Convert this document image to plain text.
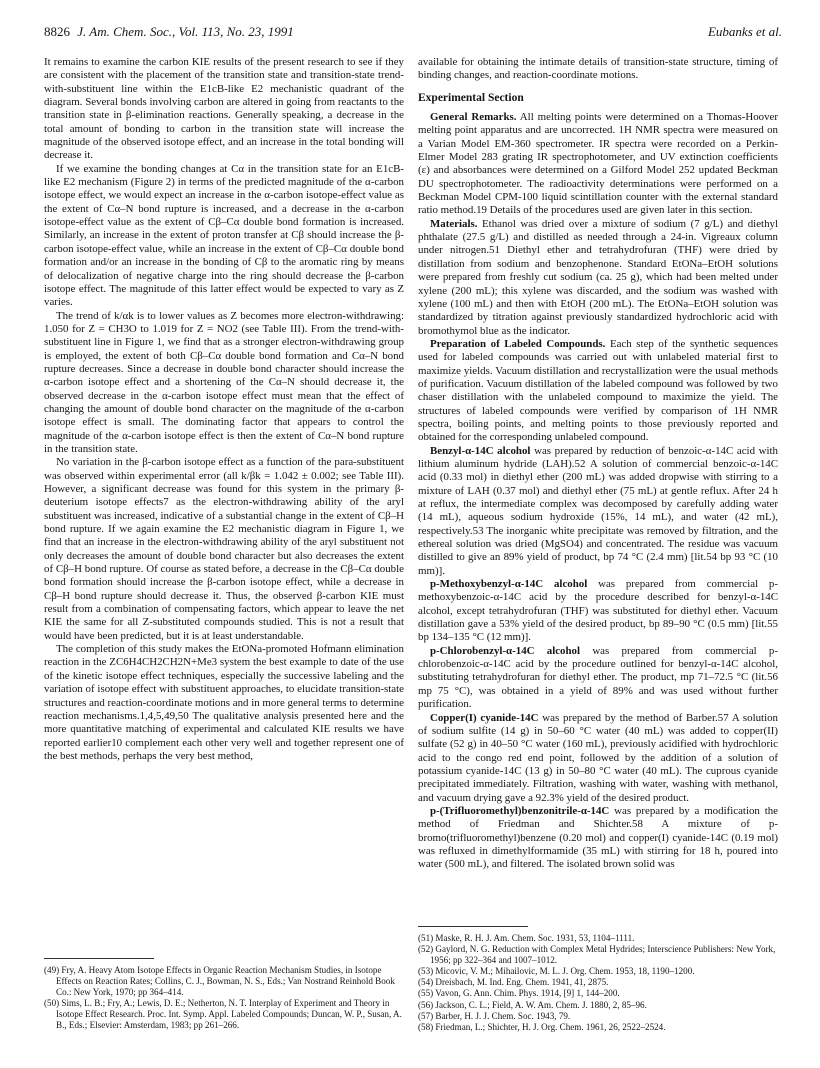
8826 J. Am. Chem. Soc., Vol. 113, No. 23, 1991	Eubanks et al.

It remains to examine the carbon KIE results of the present research to see if they are consistent with the placement of the transition state and transition-state trend-with-substituent line within the E1cB-like E2 mechanistic quadrant of the diagram. Several bonds involving carbon are altered in going from reactants to the transition state in β-elimination reactions. Generally speaking, a decrease in the total amount of bonding to carbon in the transition state will increase the magnitude of the observed isotope effect, and an increase in the total bonding will decrease it.

If we examine the bonding changes at Cα in the transition state for an E1cB-like E2 mechanism (Figure 2) in terms of the predicted magnitude of the α-carbon isotope effect, we would expect an increase in the α-carbon isotope-effect value as the extent of Cα–N bond rupture is increased, and a decrease in the α-carbon isotope-effect value as the extent of Cβ–Cα double bond formation is increased. Similarly, an increase in the extent of proton transfer at Cβ should increase the β-carbon isotope-effect value, while an increase in the extent of Cβ–Cα double bond formation and/or an increase in the bonding of Cβ to the aromatic ring by means of delocalization of negative charge into the ring should decrease the β-carbon isotope effect. The magnitude of this latter effect would be expected to vary as Z varies.

The trend of k/αk is to lower values as Z becomes more electron-withdrawing: 1.050 for Z = CH3O to 1.019 for Z = NO2 (see Table III). From the trend-with-substituent line in Figure 1, we find that as a stronger electron-withdrawing group is employed, the extent of both Cβ–Cα double bond formation and Cα–N bond rupture decreases. Since a decrease in double bond character should increase the α-carbon isotope effect and a shortening of the Cα–N should decrease it, the observed decrease in the α-carbon isotope effect must mean that the effect of changing the amount of double bond character on the magnitude of the α-carbon isotope effect is small. The dominating factor that appears to control the magnitude of the α-carbon isotope effect is then the extent of Cα–N bond rupture in the transition state.

No variation in the β-carbon isotope effect as a function of the para-substituent was observed within experimental error (all k/βk = 1.042 ± 0.002; see Table III). However, a significant decrease was found for this system in the primary β-deuterium isotope effects7 as the electron-withdrawing ability of the aryl substituent was increased, indicative of a substantial change in the extent of Cβ–H bond rupture. If we again examine the E2 mechanistic diagram in Figure 1, we find that an increase in the electron-withdrawing ability of the aryl substituent not only decreases the amount of double bond character but also decreases the extent of Cβ–H bond rupture. Of course as stated before, a decrease in the Cβ–Cα double bond formation should increase the β-carbon isotope effect, while a decrease in Cβ–H bond rupture should decrease it. Thus, the observed β-carbon KIE must result from a combination of compensating factors, which appear to leave the net KIE the same for all Z-substituted compounds studied. This is not a result that would have been predicted, but it is at least understandable.

The completion of this study makes the EtONa-promoted Hofmann elimination reaction in the ZC6H4CH2CH2N+Me3 system the best example to date of the use of the kinetic isotope effect techniques, especially the successive labeling and the variation of isotope effect with substituent approaches, to elucidate transition-state structures and reaction-coordinate motions and in more general terms to determine reaction mechanisms.1,4,5,49,50 The qualitative analysis presented here and the more quantitative matching of experimental and calculated KIE results we have reported earlier10 complement each other very well and together represent one of the best methods, perhaps the very best method,

available for obtaining the intimate details of transition-state structure, timing of binding changes, and reaction-coordinate motions.

Experimental Section

General Remarks. All melting points were determined on a Thomas-Hoover melting point apparatus and are uncorrected. 1H NMR spectra were measured on a Varian Model EM-360 spectrometer. IR spectra were recorded on a Perkin-Elmer Model 283 grating IR spectrophotometer, and UV extinction coefficients (ε) and absorbances were determined on a Gilford Model 252 updated Beckman DU spectrophotometer. The radioactivity determinations were performed on a Beckman Model CPM-100 liquid scintillation counter with the external standard ratio method.19 Details of the procedures used are given later in this section.

Materials. Ethanol was dried over a mixture of sodium (7 g/L) and diethyl phthalate (27.5 g/L) and distilled as needed through a 24-in. Vigreaux column under nitrogen.51 Diethyl ether and tetrahydrofuran (THF) were dried by distillation from sodium and benzophenone. Standard EtONa–EtOH solutions were prepared from freshly cut sodium (ca. 25 g), which had been melted under xylene (200 mL); this xylene was discarded, and the sodium was washed with xylene (100 mL) and then with EtOH (200 mL). The EtONa–EtOH solution was standardized by titration against previously standardized hydrochloric acid with bromothymol blue as the indicator.

Preparation of Labeled Compounds. Each step of the synthetic sequences used for labeled compounds was carried out with unlabeled material first to maximize yields. Vacuum distillation and recrystallization were the usual methods of purification. Vacuum distillation of the labeled compound was followed by two chaser distillation with the unlabeled compound to maximize the yield. The structures of labeled compounds were verified by comparison of 1H NMR spectra, boiling points, and melting points to those previously reported and obtained for the corresponding unlabeled compound.

Benzyl-α-14C alcohol was prepared by reduction of benzoic-α-14C acid with lithium aluminum hydride (LAH).52 A solution of commercial benzoic-α-14C acid (0.33 mol) in diethyl ether (200 mL) was added dropwise with stirring to a mixture of LAH (0.37 mol) and diethyl ether (75 mL) at gentle reflux. After 24 h at reflux, the intermediate complex was decomposed by carefully adding water (14 mL), aqueous sodium hydroxide (15%, 14 mL), and water (42 mL), respectively.53 The inorganic white precipitate was removed by filtration, and the ethereal solution was dried (MgSO4) and concentrated. The residue was vacuum distilled to give an 89% yield of product, bp 74 °C (2.4 mm) [lit.54 bp 93 °C (10 mm)].

p-Methoxybenzyl-α-14C alcohol was prepared from commercial p-methoxybenzoic-α-14C acid by the procedure described for benzyl-α-14C alcohol, except tetrahydrofuran (THF) was substituted for diethyl ether. Vacuum distillation gave a 53% yield of the desired product, bp 89–90 °C (0.5 mm) [lit.55 bp 134–135 °C (12 mm)].

p-Chlorobenzyl-α-14C alcohol was prepared from commercial p-chlorobenzoic-α-14C acid by the procedure outlined for benzyl-α-14C alcohol, substituting tetrahydrofuran for diethyl ether. The product, mp 71–72.5 °C (lit.56 mp 75 °C), was obtained in a yield of 89% and was used without further purification.

Copper(I) cyanide-14C was prepared by the method of Barber.57 A solution of sodium sulfite (14 g) in 50–60 °C water (40 mL) was added to copper(II) sulfate (52 g) in 40–50 °C water (160 mL), previously acidified with hydrochloric acid to the congo red end point, followed by the addition of a solution of potassium cyanide-14C (13 g) in 50–80 °C water (40 mL). The cuprous cyanide precipitated immediately. Filtration, washing with water, washing with methanol, and vacuum drying gave a 92.3% yield of the desired product.

p-(Trifluoromethyl)benzonitrile-α-14C was prepared by a modification the method of Friedman and Shichter.58 A mixture of p-bromo(trifluoromethyl)benzene (0.20 mol) and copper(I) cyanide-14C (0.19 mol) was refluxed in dimethylformamide (35 mL) with stirring for 18 h, poured into water (500 mL), and filtered. The isolated brown solid was

(49) Fry, A. Heavy Atom Isotope Effects in Organic Reaction Mechanism Studies, in Isotope Effects on Reaction Rates; Collins, C. J., Bowman, N. S., Eds.; Van Nostrand Reinhold Book Co.: New York, 1970; pp 364–414.

(50) Sims, L. B.; Fry, A.; Lewis, D. E.; Netherton, N. T. Interplay of Experiment and Theory in Isotope Effect Research. Proc. Int. Symp. Appl. Labeled Compounds; Duncan, W. P., Susan, A. B., Eds.; Elsevier: Amsterdam, 1983; pp 261–266.

(51) Maske, R. H. J. Am. Chem. Soc. 1931, 53, 1104–1111.

(52) Gaylord, N. G. Reduction with Complex Metal Hydrides; Interscience Publishers: New York, 1956; pp 322–364 and 1007–1012.

(53) Micovic, V. M.; Mihailovic, M. L. J. Org. Chem. 1953, 18, 1190–1200.

(54) Dreisbach, M. Ind. Eng. Chem. 1941, 41, 2875.

(55) Vavon, G. Ann. Chim. Phys. 1914, [9] 1, 144–200.

(56) Jackson, C. L.; Field, A. W. Am. Chem. J. 1880, 2, 85–96.

(57) Barber, H. J. J. Chem. Soc. 1943, 79.

(58) Friedman, L.; Shichter, H. J. Org. Chem. 1961, 26, 2522–2524.
